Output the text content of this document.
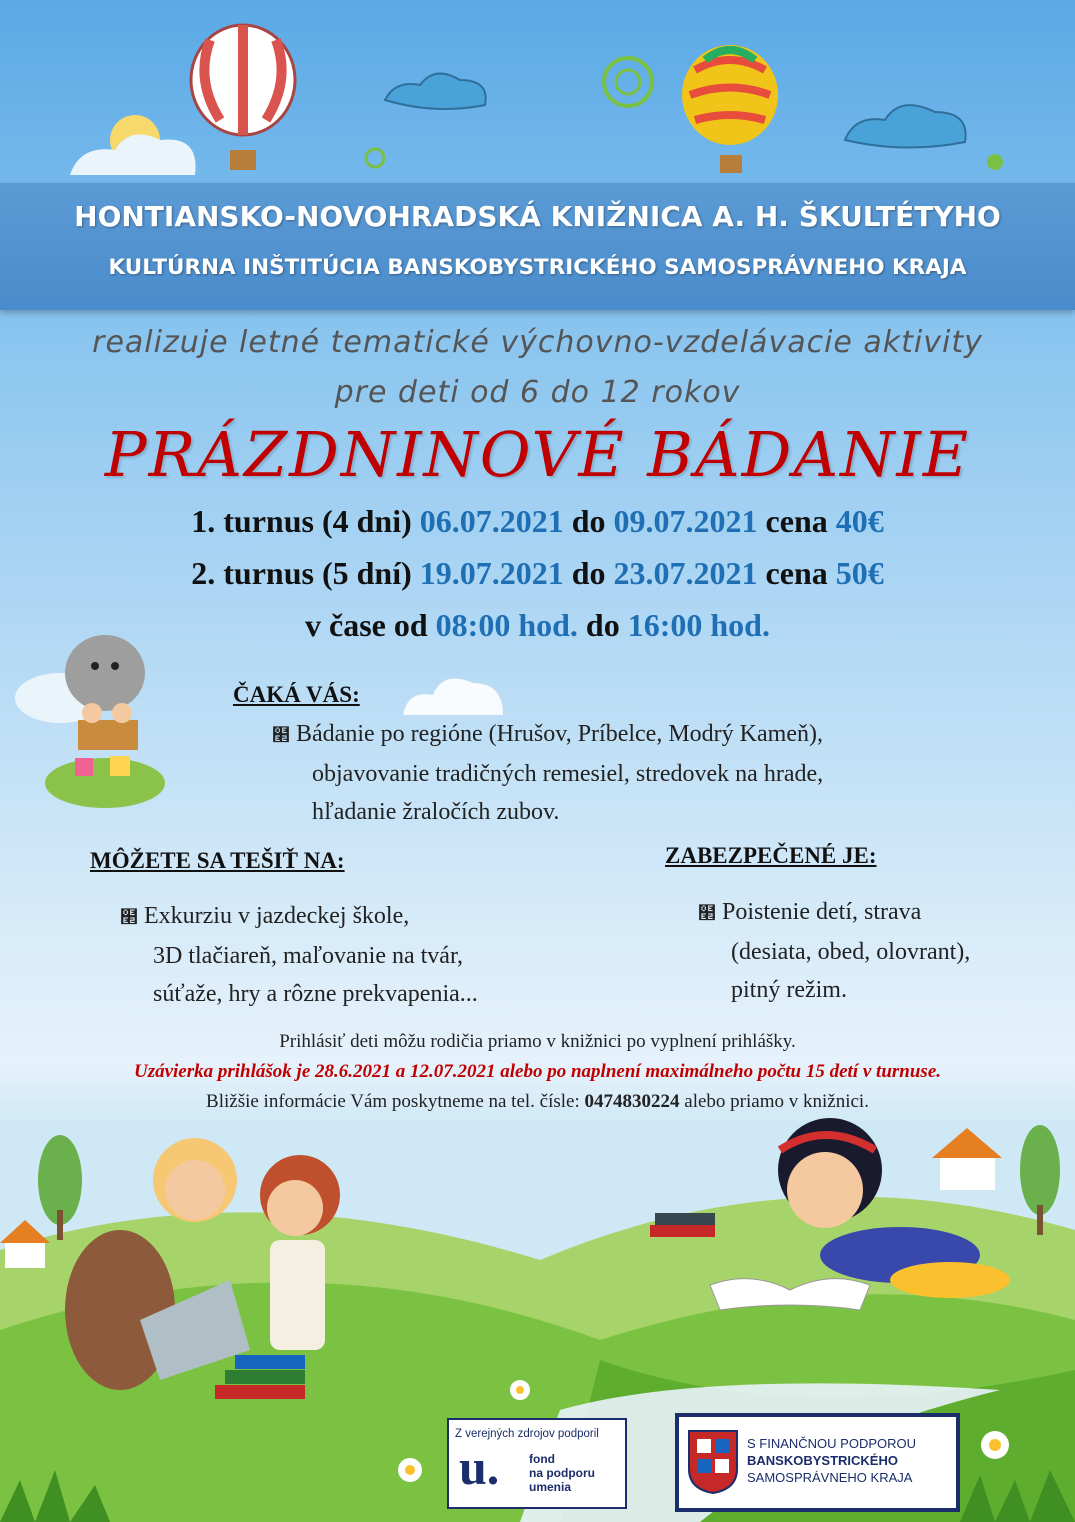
HONTIANSKO-NOVOHRADSKÁ KNIŽNICA A. H. ŠKULTÉTYHO
KULTÚRNA INŠTITÚCIA BANSKOBYSTRICKÉHO SAMOSPRÁVNEHO KRAJA
realizuje letné tematické výchovno-vzdelávacie aktivity
pre deti od 6 do 12 rokov
PRÁZDNINOVÉ BÁDANIE
1. turnus (4 dni) 06.07.2021 do 09.07.2021 cena 40€
2. turnus (5 dní) 19.07.2021 do 23.07.2021 cena 50€
v čase od 08:00 hod. do 16:00 hod.
ČAKÁ VÁS:
໢ Bádanie po regióne (Hrušov, Príbelce, Modrý Kameň),
objavovanie tradičných remesiel, stredovek na hrade,
hľadanie žraločích zubov.
MÔŽETE SA TEŠIŤ NA:
໢ Exkurziu v jazdeckej škole,
3D tlačiareň, maľovanie na tvár,
súťaže, hry a rôzne prekvapenia...
ZABEZPEČENÉ JE:
໢ Poistenie detí, strava
(desiata, obed, olovrant),
pitný režim.
Prihlásiť deti môžu rodičia priamo v knižnici po vyplnení prihlášky.
Uzávierka prihlášok je 28.6.2021 a 12.07.2021 alebo po naplnení maximálneho počtu 15 detí v turnuse.
Bližšie informácie Vám poskytneme na tel. čísle: 0474830224 alebo priamo v knižnici.
Z verejných zdrojov podporil
u. fond
na podporu
umenia
S FINANČNOU PODPOROU
BANSKOBYSTRICKÉHO
SAMOSPRÁVNEHO KRAJA
